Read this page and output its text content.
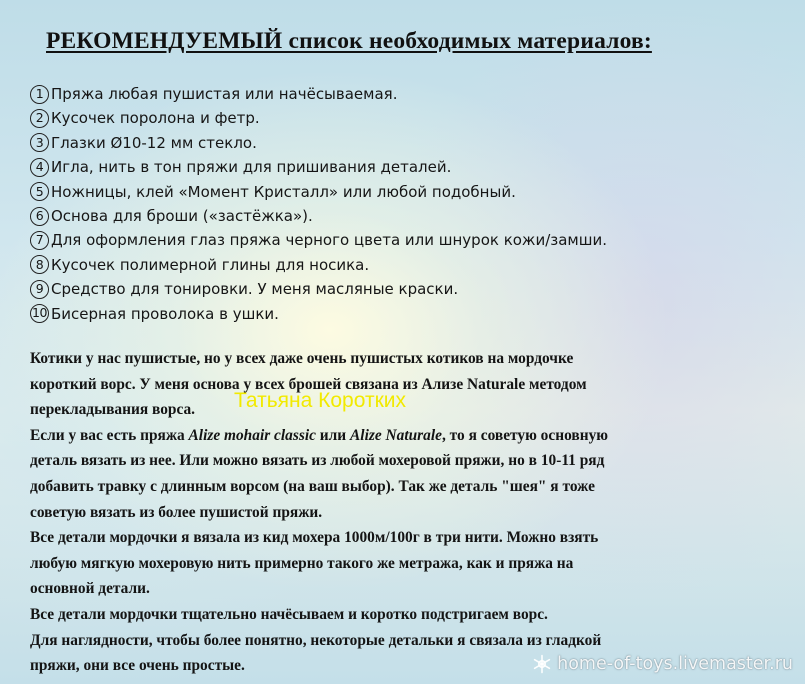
РЕКОМЕНДУЕМЫЙ список необходимых материалов:
1 Пряжа любая пушистая или начёсываемая.
2 Кусочек поролона и фетр.
3 Глазки Ø10-12 мм стекло.
4 Игла, нить в тон пряжи для пришивания деталей.
5 Ножницы, клей «Момент Кристалл» или любой подобный.
6 Основа для броши («застёжка»).
7 Для оформления глаз пряжа черного цвета или шнурок кожи/замши.
8 Кусочек полимерной глины для носика.
9 Средство для тонировки. У меня масляные краски.
10 Бисерная проволока в ушки.

Котики у нас пушистые, но у всех даже очень пушистых котиков на мордочке

короткий ворс. У меня основа у всех брошей связана из Ализе Naturale методом

перекладывания ворса.

Если у вас есть пряжа Alize mohair classic или Alize Naturale, то я советую основную

деталь вязать из нее. Или можно вязать из любой мохеровой пряжи, но в 10-11 ряд

добавить травку с длинным ворсом (на ваш выбор). Так же деталь "шея" я тоже

советую вязать из более пушистой пряжи.

Все детали мордочки я вязала из кид мохера 1000м/100г в три нити. Можно взять

любую мягкую мохеровую нить примерно такого же метража, как и пряжа на

основной детали.

Все детали мордочки тщательно начёсываем и коротко подстригаем ворс.

Для наглядности, чтобы более понятно, некоторые детальки я связала из гладкой

пряжи, они все очень простые.

Татьяна Коротких
home-of-toys.livemaster.ru
